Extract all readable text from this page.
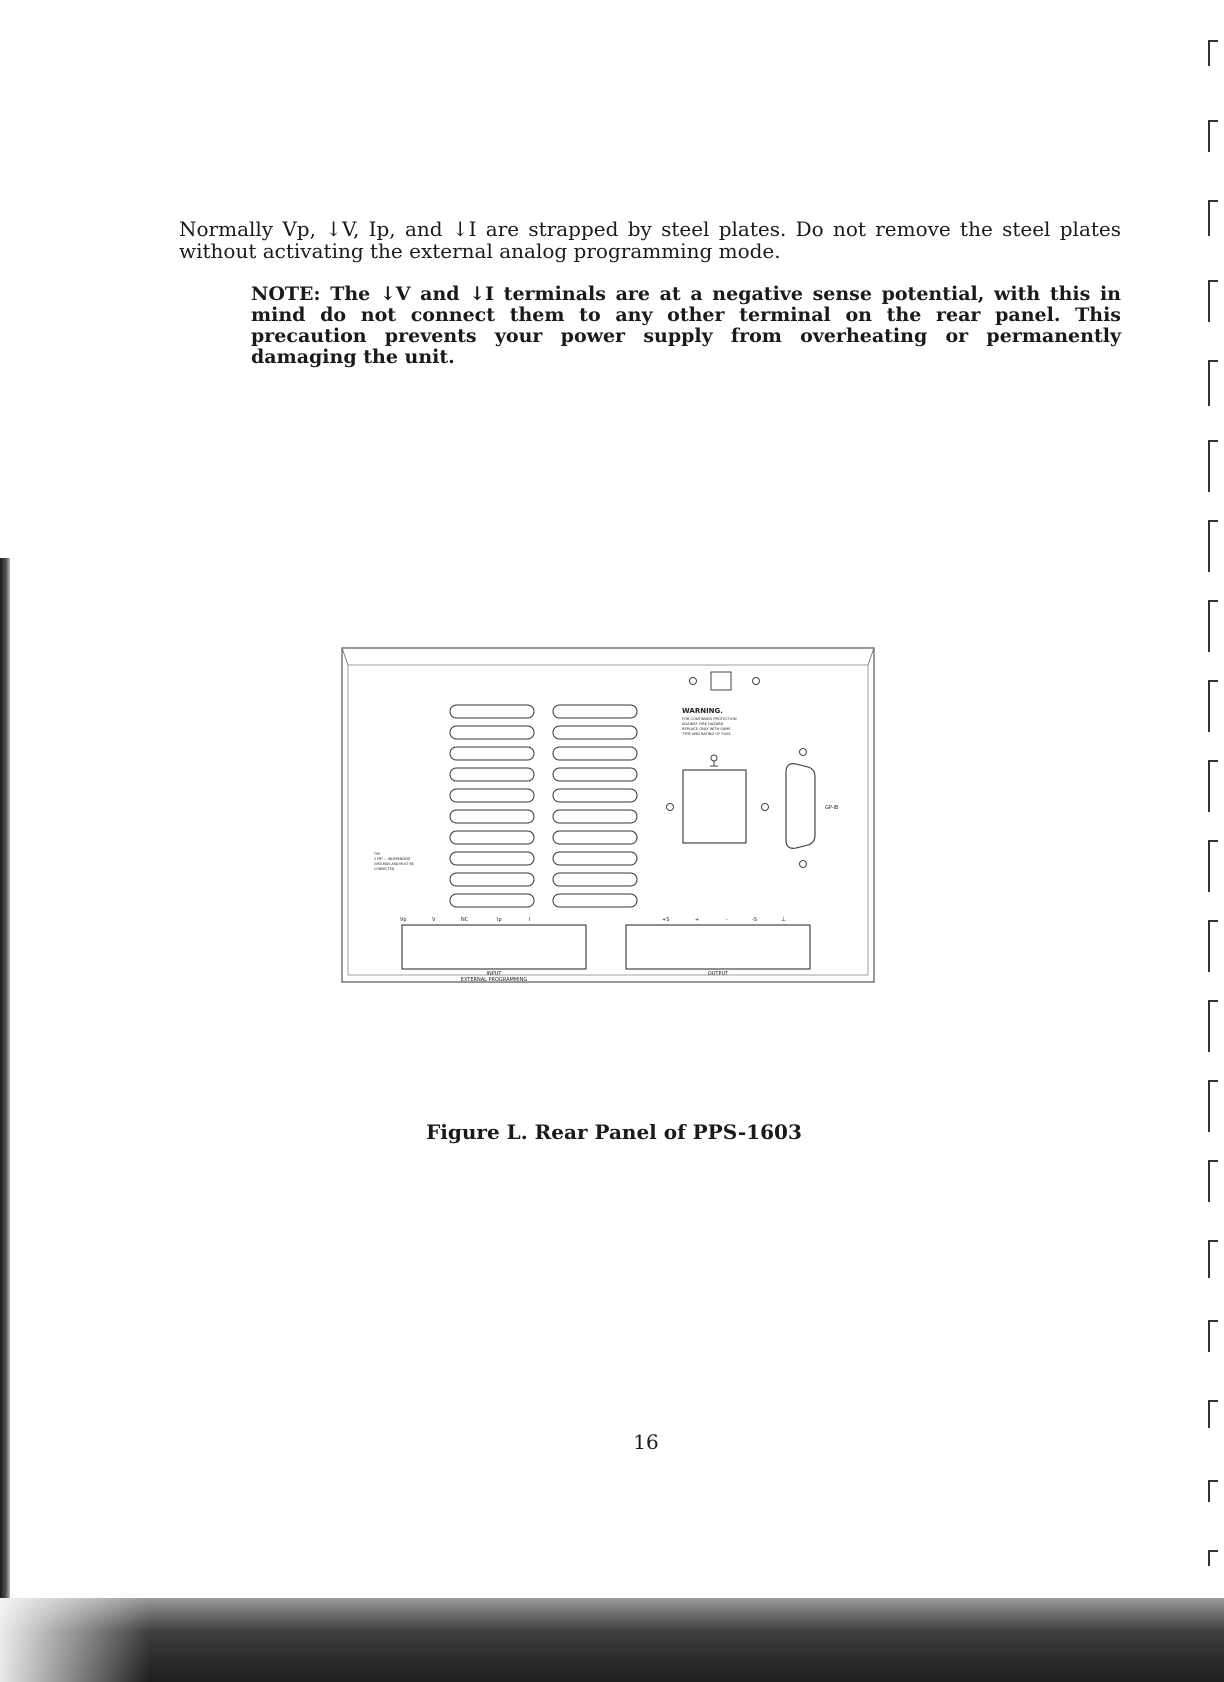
Normally Vp, ↓V, Ip, and ↓I are strapped by steel plates. Do not remove the steel plates without activating the external analog programming mode.

NOTE: The ↓V and ↓I terminals are at a negative sense potential, with this in mind do not connect them to any other terminal on the rear panel. This precaution prevents your power supply from overheating or permanently damaging the unit.

WARNING.
FOR CONTINUED PROTECTION
AGAINST FIRE HAZARD
REPLACE ONLY WITH SAME
TYPE AND RATING OF FUSE
GP-IB
THE
2 PRT ... INDEPENDENT
GROUNDS AND MUST BE
CONNECTED
Vp	V	NC	Ip	I	+S	+	-	-S	⊥
INPUT
EXTERNAL PROGRAMMING
OUTPUT
Figure L. Rear Panel of PPS-1603
16
